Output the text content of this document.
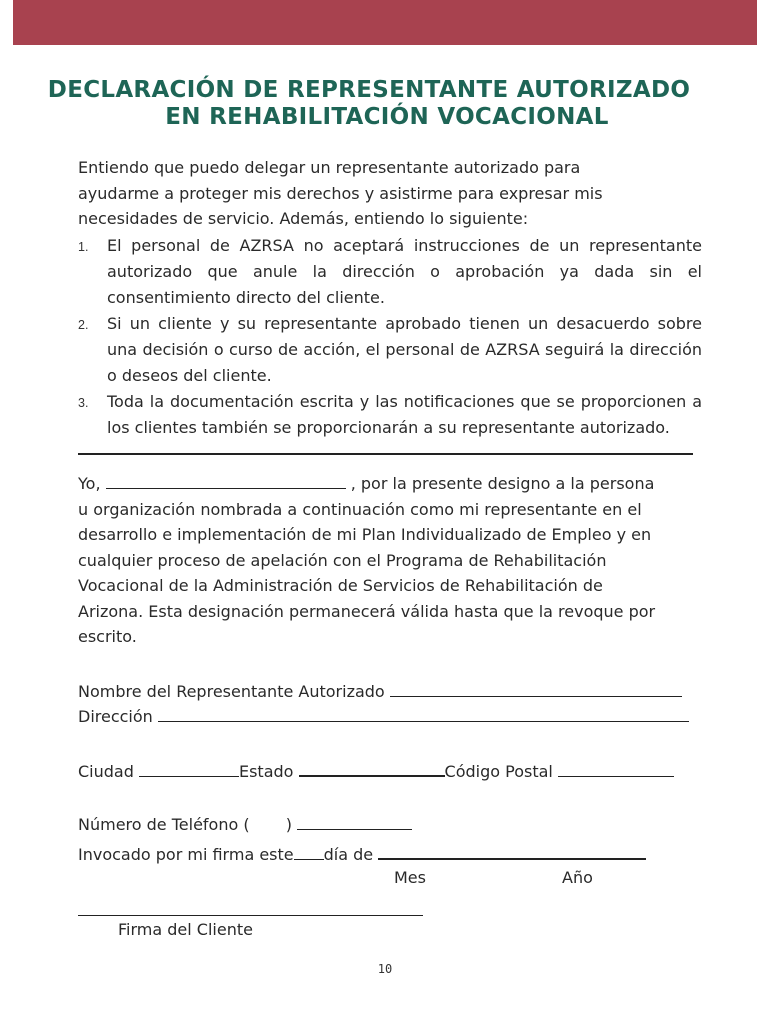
DECLARACIÓN DE REPRESENTANTE AUTORIZADO
EN REHABILITACIÓN VOCACIONAL
Entiendo que puedo delegar un representante autorizado para
ayudarme a proteger mis derechos y asistirme para expresar mis
necesidades de servicio. Además, entiendo lo siguiente:
1. El personal de AZRSA no aceptará instrucciones de un representante autorizado que anule la dirección o aprobación ya dada sin el consentimiento directo del cliente.
2. Si un cliente y su representante aprobado tienen un desacuerdo sobre una decisión o curso de acción, el personal de AZRSA seguirá la dirección o deseos del cliente.
3. Toda la documentación escrita y las notificaciones que se proporcionen a los clientes también se proporcionarán a su representante autorizado.
Yo,	, por la presente designo a la persona
u organización nombrada a continuación como mi representante en el
desarrollo e implementación de mi Plan Individualizado de Empleo y en
cualquier proceso de apelación con el Programa de Rehabilitación
Vocacional de la Administración de Servicios de Rehabilitación de
Arizona. Esta designación permanecerá válida hasta que la revoque por
escrito.
Nombre del Representante Autorizado
Dirección
Ciudad	Estado	Código Postal
Número de Teléfono ( )
Invocado por mi firma este día de
Mes	Año
Firma del Cliente
10
